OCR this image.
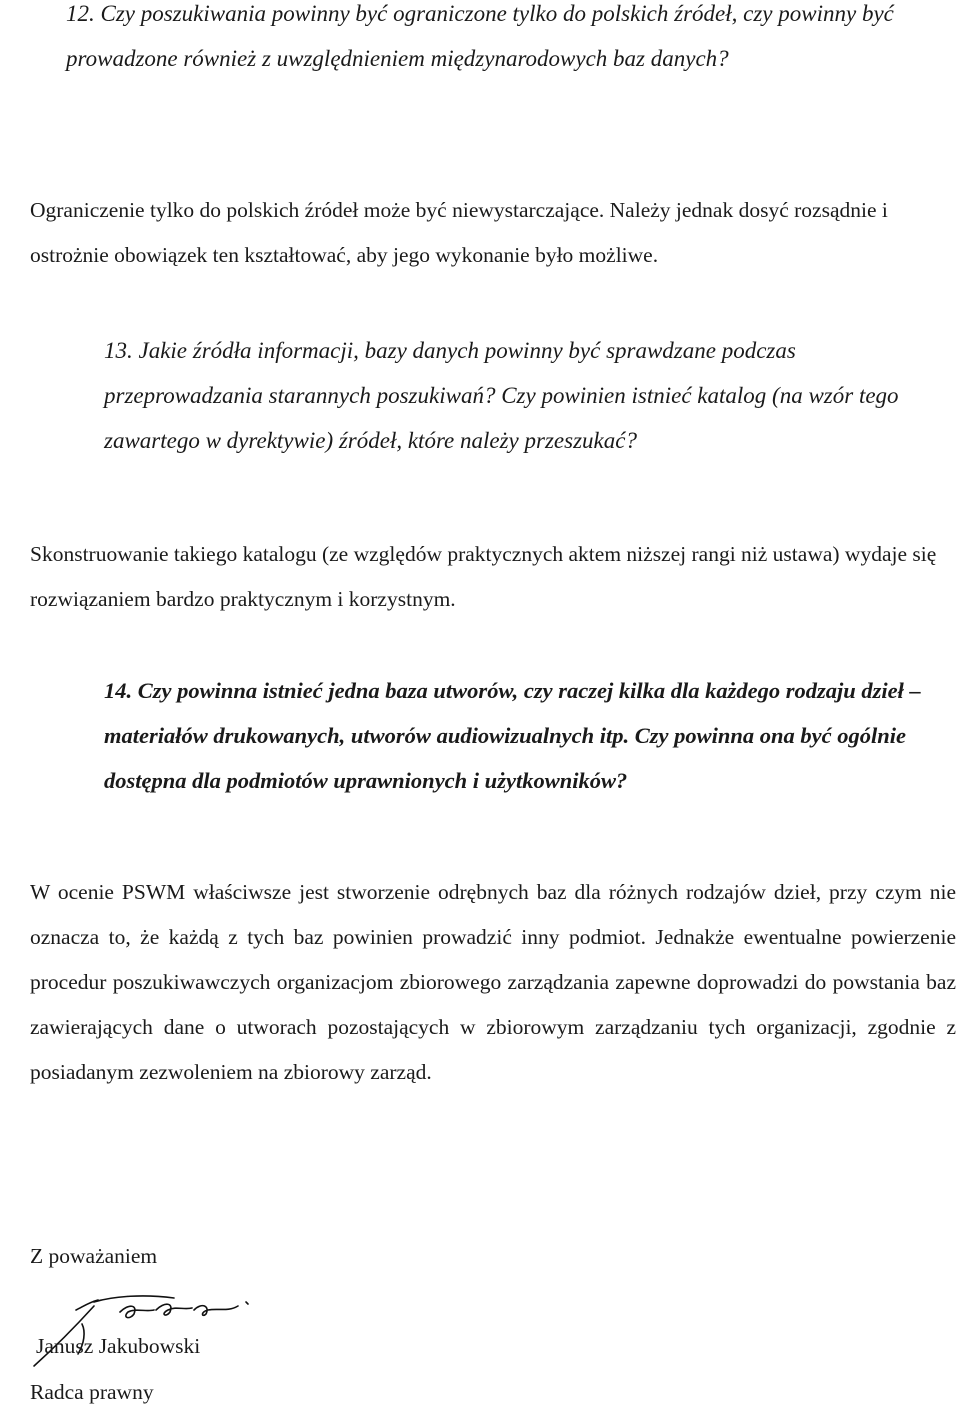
12. Czy poszukiwania powinny być ograniczone tylko do polskich źródeł, czy powinny być prowadzone również z uwzględnieniem międzynarodowych baz danych?

Ograniczenie tylko do polskich źródeł może być niewystarczające. Należy jednak dosyć rozsądnie i ostrożnie obowiązek ten kształtować, aby jego wykonanie było możliwe.

13. Jakie źródła informacji, bazy danych powinny być sprawdzane podczas przeprowadzania starannych poszukiwań? Czy powinien istnieć katalog (na wzór tego zawartego w dyrektywie) źródeł, które należy przeszukać?

Skonstruowanie takiego katalogu (ze względów praktycznych aktem niższej rangi niż ustawa) wydaje się rozwiązaniem bardzo praktycznym i korzystnym.

14. Czy powinna istnieć jedna baza utworów, czy raczej kilka dla każdego rodzaju dzieł – materiałów drukowanych, utworów audiowizualnych itp. Czy powinna ona być ogólnie dostępna dla podmiotów uprawnionych i użytkowników?

W ocenie PSWM właściwsze jest stworzenie odrębnych baz dla różnych rodzajów dzieł, przy czym nie oznacza to, że każdą z tych baz powinien prowadzić inny podmiot. Jednakże ewentualne powierzenie procedur poszukiwawczych organizacjom zbiorowego zarządzania zapewne doprowadzi do powstania baz zawierających dane o utworach pozostających w zbiorowym zarządzaniu tych organizacji, zgodnie z posiadanym zezwoleniem na zbiorowy zarząd.

Z poważaniem

Janusz Jakubowski

Radca prawny
